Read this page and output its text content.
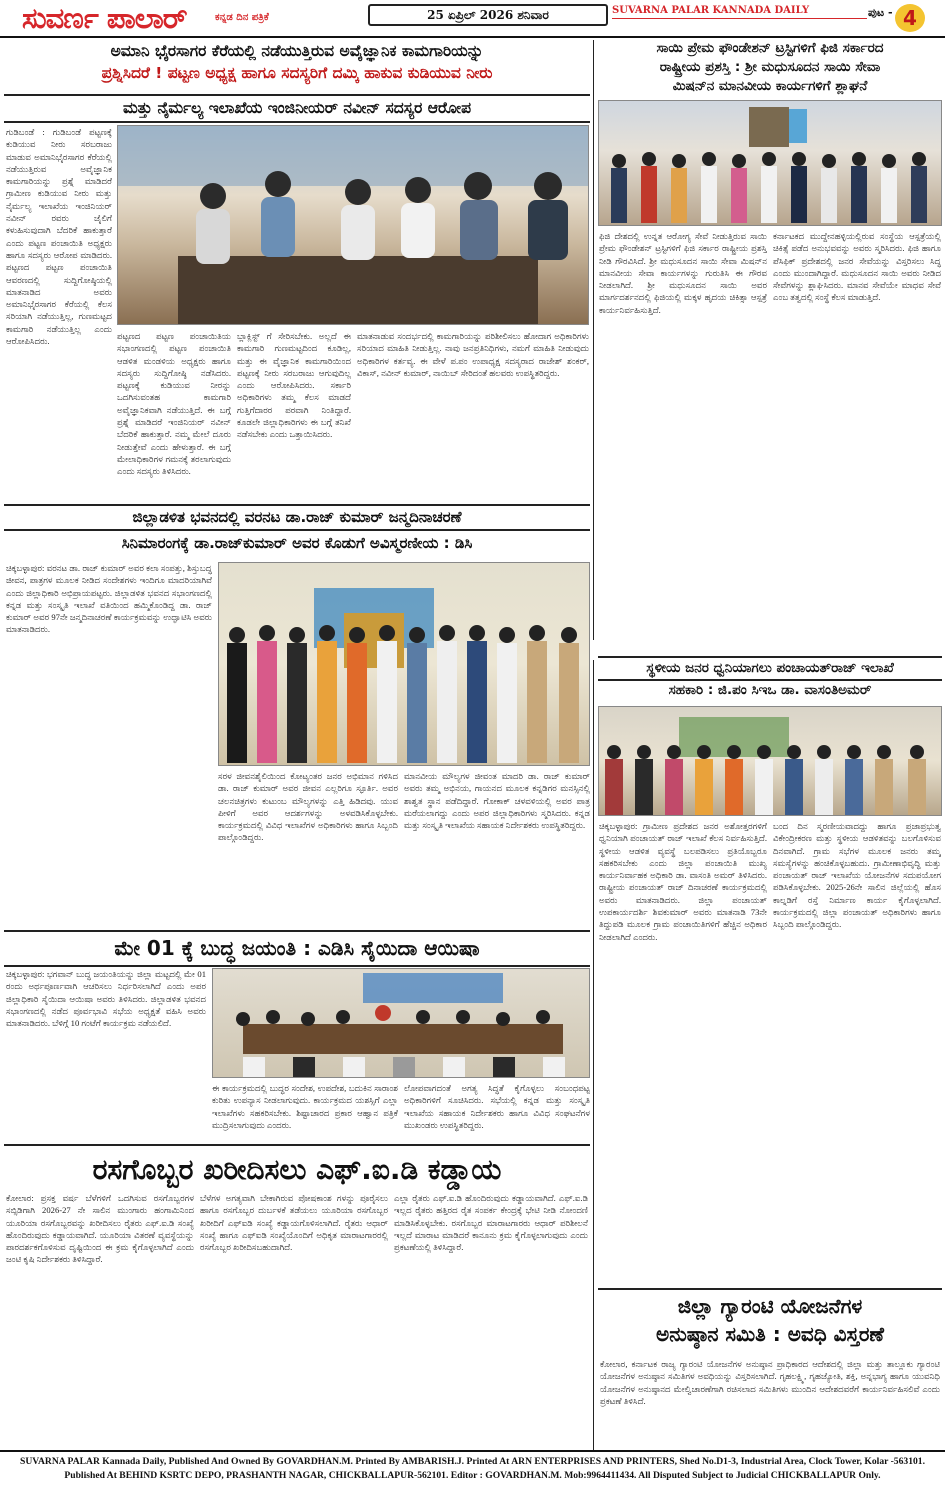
ಸುವರ್ಣ ಪಾಲಾರ್	ಕನ್ನಡ ದಿನ ಪತ್ರಿಕೆ	25 ಏಪ್ರಿಲ್ 2026 ಶನಿವಾರ	SUVARNA PALAR KANNADA DAILY	ಪುಟ - 4
ಅಮಾನಿ ಭೈರಸಾಗರ ಕೆರೆಯಲ್ಲಿ ನಡೆಯುತ್ತಿರುವ ಅವೈಜ್ಞಾನಿಕ ಕಾಮಗಾರಿಯನ್ನು
ಪ್ರಶ್ನಿಸಿದರೆ ! ಪಟ್ಟಣ ಅಧ್ಯಕ್ಷ ಹಾಗೂ ಸದಸ್ಯರಿಗೆ ದಮ್ಕಿ ಹಾಕುವ ಕುಡಿಯುವ ನೀರು
ಮತ್ತು ನೈರ್ಮಲ್ಯ ಇಲಾಖೆಯ ಇಂಜಿನೀಯರ್ ನವೀನ್ ಸದಸ್ಯರ ಆರೋಪ
ಗುಡಿಬಂಡೆ : ಗುಡಿಬಂಡೆ ಪಟ್ಟಣಕ್ಕೆ ಕುಡಿಯುವ ನೀರು ಸರಬರಾಜು ಮಾಡುವ ಅಮಾನಿಭೈರಸಾಗರ ಕೆರೆಯಲ್ಲಿ ನಡೆಯುತ್ತಿರುವ ಅವೈಜ್ಞಾನಿಕ ಕಾಮಗಾರಿಯನ್ನು ಪ್ರಶ್ನೆ ಮಾಡಿದರೆ ಗ್ರಾಮೀಣ ಕುಡಿಯುವ ನೀರು ಮತ್ತು ನೈರ್ಮಲ್ಯ ಇಲಾಖೆಯ ಇಂಜಿನಿಯರ್ ನವೀನ್ ರವರು ಜೈಲಿಗೆ ಕಳುಹಿಸುವುದಾಗಿ ಬೆದರಿಕೆ ಹಾಕುತ್ತಾರೆ ಎಂದು ಪಟ್ಟಣ ಪಂಚಾಯಿತಿ ಅಧ್ಯಕ್ಷರು ಹಾಗೂ ಸದಸ್ಯರು ಆರೋಪ ಮಾಡಿದರು. ಪಟ್ಟಣದ ಪಟ್ಟಣ ಪಂಚಾಯಿತಿ ಆವರಣದಲ್ಲಿ ಸುದ್ದಿಗೋಷ್ಠಿಯಲ್ಲಿ ಮಾತನಾಡಿದ ಅವರು ಅಮಾನಿಭೈರಸಾಗರ ಕೆರೆಯಲ್ಲಿ ಕೆಲಸ ಸರಿಯಾಗಿ ನಡೆಯುತ್ತಿಲ್ಲ, ಗುಣಮಟ್ಟದ ಕಾಮಗಾರಿ ನಡೆಯುತ್ತಿಲ್ಲ ಎಂದು ಆರೋಪಿಸಿದರು.
ಪಟ್ಟಣದ ಪಟ್ಟಣ ಪಂಚಾಯಿತಿಯ ಸಭಾಂಗಣದಲ್ಲಿ ಪಟ್ಟಣ ಪಂಚಾಯಿತಿ ಆಡಳಿತ ಮಂಡಳಿಯ ಅಧ್ಯಕ್ಷರು ಹಾಗೂ ಸದಸ್ಯರು ಸುದ್ದಿಗೋಷ್ಠಿ ನಡೆಸಿದರು. ಪಟ್ಟಣಕ್ಕೆ ಕುಡಿಯುವ ನೀರನ್ನು ಒದಗಿಸುವಂತಹ ಕಾಮಗಾರಿ ಅವೈಜ್ಞಾನಿಕವಾಗಿ ನಡೆಯುತ್ತಿದೆ. ಈ ಬಗ್ಗೆ ಪ್ರಶ್ನೆ ಮಾಡಿದರೆ ಇಂಜಿನಿಯರ್ ನವೀನ್ ಬೆದರಿಕೆ ಹಾಕುತ್ತಾರೆ. ನಮ್ಮ ಮೇಲೆ ದೂರು ನೀಡುತ್ತೇವೆ ಎಂದು ಹೇಳುತ್ತಾರೆ. ಈ ಬಗ್ಗೆ ಮೇಲಾಧಿಕಾರಿಗಳ ಗಮನಕ್ಕೆ ತರಲಾಗುವುದು ಎಂದು ಸದಸ್ಯರು ತಿಳಿಸಿದರು.
ಬ್ಲಾಕ್ಲಿಸ್ಟ್ ಗೆ ಸೇರಿಸಬೇಕು. ಅಲ್ಲದೆ ಈ ಕಾಮಗಾರಿ ಗುಣಮಟ್ಟದಿಂದ ಕೂಡಿಲ್ಲ, ಮತ್ತು ಈ ವೈಜ್ಞಾನಿಕ ಕಾಮಗಾರಿಯಿಂದ ಪಟ್ಟಣಕ್ಕೆ ನೀರು ಸರಬರಾಜು ಆಗುವುದಿಲ್ಲ ಎಂದು ಆರೋಪಿಸಿದರು. ಸರ್ಕಾರಿ ಅಧಿಕಾರಿಗಳು ತಮ್ಮ ಕೆಲಸ ಮಾಡದೆ ಗುತ್ತಿಗೆದಾರರ ಪರವಾಗಿ ನಿಂತಿದ್ದಾರೆ. ಕೂಡಲೇ ಜಿಲ್ಲಾಧಿಕಾರಿಗಳು ಈ ಬಗ್ಗೆ ತನಿಖೆ ನಡೆಸಬೇಕು ಎಂದು ಒತ್ತಾಯಿಸಿದರು.
ಮಾತನಾಡುವ ಸಂದರ್ಭದಲ್ಲಿ ಕಾಮಗಾರಿಯನ್ನು ಪರಿಶೀಲಿಸಲು ಹೋದಾಗ ಅಧಿಕಾರಿಗಳು ಸರಿಯಾದ ಮಾಹಿತಿ ನೀಡುತ್ತಿಲ್ಲ. ನಾವು ಜನಪ್ರತಿನಿಧಿಗಳು, ನಮಗೆ ಮಾಹಿತಿ ನೀಡುವುದು ಅಧಿಕಾರಿಗಳ ಕರ್ತವ್ಯ. ಈ ವೇಳೆ ಪ.ಪಂ ಉಪಾಧ್ಯಕ್ಷ ಸದಸ್ಯರಾದ ರಾಜೇಶ್ ಶಂಕರ್, ವಿಕಾಸ್, ನವೀನ್ ಕುಮಾರ್, ನಾಯಿಬ್ ಸೇರಿದಂತೆ ಹಲವರು ಉಪಸ್ಥಿತರಿದ್ದರು.
ಸಾಯಿ ಪ್ರೇಮ ಫೌಂಡೇಶನ್ ಟ್ರಸ್ಟಿಗಳಿಗೆ ಫಿಜಿ ಸರ್ಕಾರದ
ರಾಷ್ಟ್ರೀಯ ಪ್ರಶಸ್ತಿ : ಶ್ರೀ ಮಧುಸೂದನ ಸಾಯಿ ಸೇವಾ
ಮಿಷನ್‌ನ ಮಾನವೀಯ ಕಾರ್ಯಗಳಿಗೆ ಶ್ಲಾಘನೆ
ಫಿಜಿ ದೇಶದಲ್ಲಿ ಉನ್ನತ ಆರೋಗ್ಯ ಸೇವೆ ನೀಡುತ್ತಿರುವ ಸಾಯಿ ಪ್ರೇಮ ಫೌಂಡೇಶನ್ ಟ್ರಸ್ಟಿಗಳಿಗೆ ಫಿಜಿ ಸರ್ಕಾರ ರಾಷ್ಟ್ರೀಯ ಪ್ರಶಸ್ತಿ ನೀಡಿ ಗೌರವಿಸಿದೆ. ಶ್ರೀ ಮಧುಸೂದನ ಸಾಯಿ ಸೇವಾ ಮಿಷನ್‌ನ ಮಾನವೀಯ ಸೇವಾ ಕಾರ್ಯಗಳನ್ನು ಗುರುತಿಸಿ ಈ ಗೌರವ ನೀಡಲಾಗಿದೆ. ಶ್ರೀ ಮಧುಸೂದನ ಸಾಯಿ ಅವರ ಮಾರ್ಗದರ್ಶನದಲ್ಲಿ ಫಿಜಿಯಲ್ಲಿ ಮಕ್ಕಳ ಹೃದಯ ಚಿಕಿತ್ಸಾ ಆಸ್ಪತ್ರೆ ಕಾರ್ಯನಿರ್ವಹಿಸುತ್ತಿದೆ.
ಕರ್ನಾಟಕದ ಮುದ್ದೇನಹಳ್ಳಿಯಲ್ಲಿರುವ ಸಂಸ್ಥೆಯ ಆಸ್ಪತ್ರೆಯಲ್ಲಿ ಚಿಕಿತ್ಸೆ ಪಡೆದ ಅನುಭವವನ್ನು ಅವರು ಸ್ಮರಿಸಿದರು. ಫಿಜಿ ಹಾಗೂ ಪೆಸಿಫಿಕ್ ಪ್ರದೇಶದಲ್ಲಿ ಜನರ ಸೇವೆಯನ್ನು ವಿಸ್ತರಿಸಲು ಸಿದ್ಧ ಎಂದು ಮುಂದಾಗಿದ್ದಾರೆ. ಮಧುಸೂದನ ಸಾಯಿ ಅವರು ನೀಡಿದ ಸೇವೆಗಳನ್ನು ಶ್ಲಾಘಿಸಿದರು. ಮಾನವ ಸೇವೆಯೇ ಮಾಧವ ಸೇವೆ ಎಂಬ ತತ್ವದಲ್ಲಿ ಸಂಸ್ಥೆ ಕೆಲಸ ಮಾಡುತ್ತಿದೆ.
ಜಿಲ್ಲಾಡಳಿತ ಭವನದಲ್ಲಿ ವರನಟ ಡಾ.ರಾಜ್ ಕುಮಾರ್ ಜನ್ಮದಿನಾಚರಣೆ
ಸಿನಿಮಾರಂಗಕ್ಕೆ ಡಾ.ರಾಜ್‌ಕುಮಾರ್ ಅವರ ಕೊಡುಗೆ ಅವಿಸ್ಮರಣೀಯ : ಡಿಸಿ
ಚಿಕ್ಕಬಳ್ಳಾಪುರ: ವರನಟ ಡಾ. ರಾಜ್ ಕುಮಾರ್ ಅವರ ಕಲಾ ಸಂಪತ್ತು, ಶಿಸ್ತುಬದ್ಧ ಜೀವನ, ಪಾತ್ರಗಳ ಮೂಲಕ ನೀಡಿದ ಸಂದೇಶಗಳು ಇಂದಿಗೂ ಮಾದರಿಯಾಗಿವೆ ಎಂದು ಜಿಲ್ಲಾಧಿಕಾರಿ ಅಭಿಪ್ರಾಯಪಟ್ಟರು. ಜಿಲ್ಲಾಡಳಿತ ಭವನದ ಸಭಾಂಗಣದಲ್ಲಿ ಕನ್ನಡ ಮತ್ತು ಸಂಸ್ಕೃತಿ ಇಲಾಖೆ ವತಿಯಿಂದ ಹಮ್ಮಿಕೊಂಡಿದ್ದ ಡಾ. ರಾಜ್ ಕುಮಾರ್ ಅವರ 97ನೇ ಜನ್ಮದಿನಾಚರಣೆ ಕಾರ್ಯಕ್ರಮವನ್ನು ಉದ್ಘಾಟಿಸಿ ಅವರು ಮಾತನಾಡಿದರು.
ಸರಳ ಜೀವನಶೈಲಿಯಿಂದ ಕೋಟ್ಯಂತರ ಜನರ ಅಭಿಮಾನ ಗಳಿಸಿದ ಡಾ. ರಾಜ್ ಕುಮಾರ್ ಅವರ ಜೀವನ ಎಲ್ಲರಿಗೂ ಸ್ಫೂರ್ತಿ. ಅವರ ಚಲನಚಿತ್ರಗಳು ಕುಟುಂಬ ಮೌಲ್ಯಗಳನ್ನು ಎತ್ತಿ ಹಿಡಿದವು. ಯುವ ಪೀಳಿಗೆ ಅವರ ಆದರ್ಶಗಳನ್ನು ಅಳವಡಿಸಿಕೊಳ್ಳಬೇಕು. ಕಾರ್ಯಕ್ರಮದಲ್ಲಿ ವಿವಿಧ ಇಲಾಖೆಗಳ ಅಧಿಕಾರಿಗಳು ಹಾಗೂ ಸಿಬ್ಬಂದಿ ಪಾಲ್ಗೊಂಡಿದ್ದರು.
ಮಾನವೀಯ ಮೌಲ್ಯಗಳ ಜೀವಂತ ಮಾದರಿ ಡಾ. ರಾಜ್ ಕುಮಾರ್ ಅವರು ತಮ್ಮ ಅಭಿನಯ, ಗಾಯನದ ಮೂಲಕ ಕನ್ನಡಿಗರ ಮನಸ್ಸಿನಲ್ಲಿ ಶಾಶ್ವತ ಸ್ಥಾನ ಪಡೆದಿದ್ದಾರೆ. ಗೋಕಾಕ್ ಚಳವಳಿಯಲ್ಲಿ ಅವರ ಪಾತ್ರ ಮರೆಯಲಾಗದ್ದು ಎಂದು ಅಪರ ಜಿಲ್ಲಾಧಿಕಾರಿಗಳು ಸ್ಮರಿಸಿದರು. ಕನ್ನಡ ಮತ್ತು ಸಂಸ್ಕೃತಿ ಇಲಾಖೆಯ ಸಹಾಯಕ ನಿರ್ದೇಶಕರು ಉಪಸ್ಥಿತರಿದ್ದರು.
ಸ್ಥಳೀಯ ಜನರ ಧ್ವನಿಯಾಗಲು ಪಂಚಾಯತ್‌ರಾಜ್ ಇಲಾಖೆ
ಸಹಕಾರಿ : ಜಿ.ಪಂ ಸಿಇಒ ಡಾ. ವಾಸಂತಿಅಮರ್
ಚಿಕ್ಕಬಳ್ಳಾಪುರ: ಗ್ರಾಮೀಣ ಪ್ರದೇಶದ ಜನರ ಅಶೋತ್ತರಗಳಿಗೆ ಧ್ವನಿಯಾಗಿ ಪಂಚಾಯತ್ ರಾಜ್ ಇಲಾಖೆ ಕೆಲಸ ನಿರ್ವಹಿಸುತ್ತಿದೆ. ಸ್ಥಳೀಯ ಆಡಳಿತ ವ್ಯವಸ್ಥೆ ಬಲಪಡಿಸಲು ಪ್ರತಿಯೊಬ್ಬರೂ ಸಹಕರಿಸಬೇಕು ಎಂದು ಜಿಲ್ಲಾ ಪಂಚಾಯಿತಿ ಮುಖ್ಯ ಕಾರ್ಯನಿರ್ವಾಹಕ ಅಧಿಕಾರಿ ಡಾ. ವಾಸಂತಿ ಅಮರ್ ತಿಳಿಸಿದರು. ರಾಷ್ಟ್ರೀಯ ಪಂಚಾಯತ್ ರಾಜ್ ದಿನಾಚರಣೆ ಕಾರ್ಯಕ್ರಮದಲ್ಲಿ ಅವರು ಮಾತನಾಡಿದರು. ಜಿಲ್ಲಾ ಪಂಚಾಯತ್ ಉಪಕಾರ್ಯದರ್ಶಿ ಶಿವಕುಮಾರ್ ಅವರು ಮಾತನಾಡಿ 73ನೇ ತಿದ್ದುಪಡಿ ಮೂಲಕ ಗ್ರಾಮ ಪಂಚಾಯಿತಿಗಳಿಗೆ ಹೆಚ್ಚಿನ ಅಧಿಕಾರ ನೀಡಲಾಗಿದೆ ಎಂದರು.
ಬಂದ ದಿನ ಸ್ಮರಣೀಯವಾದದ್ದು ಹಾಗೂ ಪ್ರಜಾಪ್ರಭುತ್ವ ವಿಕೇಂದ್ರೀಕರಣ ಮತ್ತು ಸ್ಥಳೀಯ ಆಡಳಿತವನ್ನು ಬಲಗೊಳಿಸುವ ದಿನವಾಗಿದೆ. ಗ್ರಾಮ ಸಭೆಗಳ ಮೂಲಕ ಜನರು ತಮ್ಮ ಸಮಸ್ಯೆಗಳನ್ನು ಹಂಚಿಕೊಳ್ಳಬಹುದು. ಗ್ರಾಮೀಣಾಭಿವೃದ್ಧಿ ಮತ್ತು ಪಂಚಾಯತ್ ರಾಜ್ ಇಲಾಖೆಯ ಯೋಜನೆಗಳ ಸದುಪಯೋಗ ಪಡಿಸಿಕೊಳ್ಳಬೇಕು. 2025-26ನೇ ಸಾಲಿನ ಜಿಲ್ಲೆಯಲ್ಲಿ ಹೊಸ ಕಾಲ್ನಡಿಗೆ ರಸ್ತೆ ನಿರ್ಮಾಣ ಕಾರ್ಯ ಕೈಗೊಳ್ಳಲಾಗಿದೆ. ಕಾರ್ಯಕ್ರಮದಲ್ಲಿ ಜಿಲ್ಲಾ ಪಂಚಾಯತ್ ಅಧಿಕಾರಿಗಳು ಹಾಗೂ ಸಿಬ್ಬಂದಿ ಪಾಲ್ಗೊಂಡಿದ್ದರು.
ಮೇ 01 ಕ್ಕೆ ಬುದ್ಧ ಜಯಂತಿ : ಎಡಿಸಿ ಸೈಯಿದಾ ಆಯಿಷಾ
ಚಿಕ್ಕಬಳ್ಳಾಪುರ: ಭಗವಾನ್ ಬುದ್ಧ ಜಯಂತಿಯನ್ನು ಜಿಲ್ಲಾ ಮಟ್ಟದಲ್ಲಿ ಮೇ 01 ರಂದು ಅರ್ಥಪೂರ್ಣವಾಗಿ ಆಚರಿಸಲು ನಿರ್ಧರಿಸಲಾಗಿದೆ ಎಂದು ಅಪರ ಜಿಲ್ಲಾಧಿಕಾರಿ ಸೈಯಿದಾ ಆಯಿಷಾ ಅವರು ತಿಳಿಸಿದರು. ಜಿಲ್ಲಾಡಳಿತ ಭವನದ ಸಭಾಂಗಣದಲ್ಲಿ ನಡೆದ ಪೂರ್ವಭಾವಿ ಸಭೆಯ ಅಧ್ಯಕ್ಷತೆ ವಹಿಸಿ ಅವರು ಮಾತನಾಡಿದರು. ಬೆಳಿಗ್ಗೆ 10 ಗಂಟೆಗೆ ಕಾರ್ಯಕ್ರಮ ನಡೆಯಲಿದೆ.
ಈ ಕಾರ್ಯಕ್ರಮದಲ್ಲಿ ಬುದ್ಧರ ಸಂದೇಶ, ಉಪದೇಶ, ಬದುಕಿನ ಸಾರಾಂಶ ಕುರಿತು ಉಪನ್ಯಾಸ ನೀಡಲಾಗುವುದು. ಕಾರ್ಯಕ್ರಮದ ಯಶಸ್ಸಿಗೆ ಎಲ್ಲಾ ಇಲಾಖೆಗಳು ಸಹಕರಿಸಬೇಕು. ಶಿಷ್ಟಾಚಾರದ ಪ್ರಕಾರ ಆಹ್ವಾನ ಪತ್ರಿಕೆ ಮುದ್ರಿಸಲಾಗುವುದು ಎಂದರು.
ಲೋಪವಾಗದಂತೆ ಅಗತ್ಯ ಸಿದ್ಧತೆ ಕೈಗೊಳ್ಳಲು ಸಂಬಂಧಪಟ್ಟ ಅಧಿಕಾರಿಗಳಿಗೆ ಸೂಚಿಸಿದರು. ಸಭೆಯಲ್ಲಿ ಕನ್ನಡ ಮತ್ತು ಸಂಸ್ಕೃತಿ ಇಲಾಖೆಯ ಸಹಾಯಕ ನಿರ್ದೇಶಕರು ಹಾಗೂ ವಿವಿಧ ಸಂಘಟನೆಗಳ ಮುಖಂಡರು ಉಪಸ್ಥಿತರಿದ್ದರು.
ರಸಗೊಬ್ಬರ ಖರೀದಿಸಲು ಎಫ್.ಐ.ಡಿ ಕಡ್ಡಾಯ
ಕೋಲಾರ: ಪ್ರಸಕ್ತ ವರ್ಷ ಬೆಳೆಗಳಿಗೆ ಒದಗಿಸುವ ರಸಗೊಬ್ಬರಗಳ ಸಬ್ಸಿಡಿಗಾಗಿ 2026-27 ನೇ ಸಾಲಿನ ಮುಂಗಾರು ಹಂಗಾಮಿನಿಂದ ಯೂರಿಯಾ ರಸಗೊಬ್ಬರವನ್ನು ಖರೀದಿಸಲು ರೈತರು ಎಫ್.ಐ.ಡಿ ಸಂಖ್ಯೆ ಹೊಂದಿರುವುದು ಕಡ್ಡಾಯವಾಗಿದೆ. ಯೂರಿಯಾ ವಿತರಣೆ ವ್ಯವಸ್ಥೆಯನ್ನು ಪಾರದರ್ಶಕಗೊಳಿಸುವ ದೃಷ್ಟಿಯಿಂದ ಈ ಕ್ರಮ ಕೈಗೊಳ್ಳಲಾಗಿದೆ ಎಂದು ಜಂಟಿ ಕೃಷಿ ನಿರ್ದೇಶಕರು ತಿಳಿಸಿದ್ದಾರೆ.
ಬೆಳೆಗಳ ಅಗತ್ಯವಾಗಿ ಬೇಕಾಗಿರುವ ಪೋಷಕಾಂಶ ಗಳನ್ನು ಪೂರೈಸಲು ಹಾಗೂ ರಸಗೊಬ್ಬರ ದುರ್ಬಳಕೆ ತಡೆಯಲು ಯೂರಿಯಾ ರಸಗೊಬ್ಬರ ಖರೀದಿಗೆ ಎಫ್‌ಐಡಿ ಸಂಖ್ಯೆ ಕಡ್ಡಾಯಗೊಳಿಸಲಾಗಿದೆ. ರೈತರು ಆಧಾರ್ ಸಂಖ್ಯೆ ಹಾಗೂ ಎಫ್‌ಐಡಿ ಸಂಖ್ಯೆಯೊಂದಿಗೆ ಅಧಿಕೃತ ಮಾರಾಟಗಾರರಲ್ಲಿ ರಸಗೊಬ್ಬರ ಖರೀದಿಸಬಹುದಾಗಿದೆ.
ಎಲ್ಲಾ ರೈತರು ಎಫ್.ಐ.ಡಿ ಹೊಂದಿರುವುದು ಕಡ್ಡಾಯವಾಗಿದೆ. ಎಫ್.ಐ.ಡಿ ಇಲ್ಲದ ರೈತರು ಹತ್ತಿರದ ರೈತ ಸಂಪರ್ಕ ಕೇಂದ್ರಕ್ಕೆ ಭೇಟಿ ನೀಡಿ ನೋಂದಣಿ ಮಾಡಿಸಿಕೊಳ್ಳಬೇಕು. ರಸಗೊಬ್ಬರ ಮಾರಾಟಗಾರರು ಆಧಾರ್ ಪರಿಶೀಲನೆ ಇಲ್ಲದೆ ಮಾರಾಟ ಮಾಡಿದರೆ ಕಾನೂನು ಕ್ರಮ ಕೈಗೊಳ್ಳಲಾಗುವುದು ಎಂದು ಪ್ರಕಟಣೆಯಲ್ಲಿ ತಿಳಿಸಿದ್ದಾರೆ.
ಜಿಲ್ಲಾ ಗ್ಯಾರಂಟಿ ಯೋಜನೆಗಳ
ಅನುಷ್ಠಾನ ಸಮಿತಿ : ಅವಧಿ ವಿಸ್ತರಣೆ
ಕೋಲಾರ, ಕರ್ನಾಟಕ ರಾಜ್ಯ ಗ್ಯಾರಂಟಿ ಯೋಜನೆಗಳ ಅನುಷ್ಠಾನ ಪ್ರಾಧಿಕಾರದ ಆದೇಶದಲ್ಲಿ ಜಿಲ್ಲಾ ಮತ್ತು ತಾಲ್ಲೂಕು ಗ್ಯಾರಂಟಿ ಯೋಜನೆಗಳ ಅನುಷ್ಠಾನ ಸಮಿತಿಗಳ ಅವಧಿಯನ್ನು ವಿಸ್ತರಿಸಲಾಗಿದೆ. ಗೃಹಲಕ್ಷ್ಮಿ, ಗೃಹಜ್ಯೋತಿ, ಶಕ್ತಿ, ಅನ್ನಭಾಗ್ಯ ಹಾಗೂ ಯುವನಿಧಿ ಯೋಜನೆಗಳ ಅನುಷ್ಠಾನದ ಮೇಲ್ವಿಚಾರಣೆಗಾಗಿ ರಚಿಸಲಾದ ಸಮಿತಿಗಳು ಮುಂದಿನ ಆದೇಶದವರೆಗೆ ಕಾರ್ಯನಿರ್ವಹಿಸಲಿವೆ ಎಂದು ಪ್ರಕಟಣೆ ತಿಳಿಸಿದೆ.
SUVARNA PALAR Kannada Daily, Published And Owned By GOVARDHAN.M. Printed By AMBARISH.J. Printed At ARN ENTERPRISES AND PRINTERS, Shed No.D1-3, Industrial Area, Clock Tower, Kolar -563101.
Published At BEHIND KSRTC DEPO, PRASHANTH NAGAR, CHICKBALLAPUR-562101. Editor : GOVARDHAN.M. Mob:9964411434. All Disputed Subject to Judicial CHICKBALLAPUR Only.
